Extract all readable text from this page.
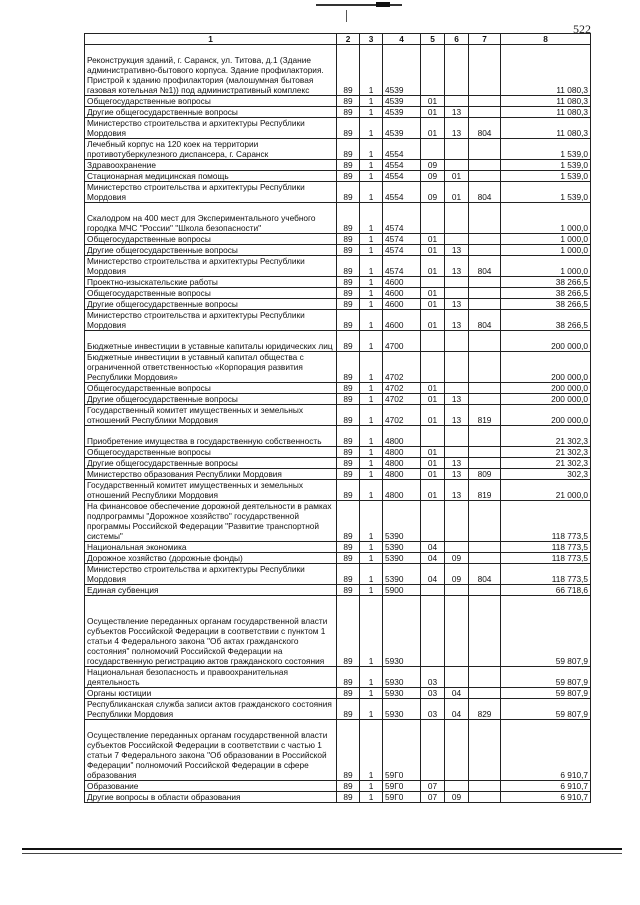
522
1	2	3	4	5	6	7	8
Реконструкция зданий, г. Саранск, ул. Титова, д.1 (Здание административно-бытового корпуса. Здание профилактория. Пристрой к зданию профилактория (малошумная бытовая газовая котельная №1)) под административный комплекс	89	1	4539				11 080,3
Общегосударственные вопросы	89	1	4539	01			11 080,3
Другие общегосударственные вопросы	89	1	4539	01	13		11 080,3
Министерство строительства и архитектуры Республики Мордовия	89	1	4539	01	13	804	11 080,3
Лечебный корпус на 120 коек на территории противотуберкулезного диспансера, г. Саранск	89	1	4554				1 539,0
Здравоохранение	89	1	4554	09			1 539,0
Стационарная медицинская помощь	89	1	4554	09	01		1 539,0
Министерство строительства и архитектуры Республики Мордовия	89	1	4554	09	01	804	1 539,0
Скалодром на 400 мест для Экспериментального учебного городка МЧС "России" "Школа безопасности"	89	1	4574				1 000,0
Общегосударственные вопросы	89	1	4574	01			1 000,0
Другие общегосударственные вопросы	89	1	4574	01	13		1 000,0
Министерство строительства и архитектуры Республики Мордовия	89	1	4574	01	13	804	1 000,0
Проектно-изыскательские работы	89	1	4600				38 266,5
Общегосударственные вопросы	89	1	4600	01			38 266,5
Другие общегосударственные вопросы	89	1	4600	01	13		38 266,5
Министерство строительства и архитектуры Республики Мордовия	89	1	4600	01	13	804	38 266,5
Бюджетные инвестиции в уставные капиталы юридических лиц	89	1	4700				200 000,0
Бюджетные инвестиции в уставный капитал общества с ограниченной ответственностью «Корпорация развития Республики Мордовия»	89	1	4702				200 000,0
Общегосударственные вопросы	89	1	4702	01			200 000,0
Другие общегосударственные вопросы	89	1	4702	01	13		200 000,0
Государственный комитет имущественных и земельных отношений Республики Мордовия	89	1	4702	01	13	819	200 000,0
Приобретение имущества в государственную собственность	89	1	4800				21 302,3
Общегосударственные вопросы	89	1	4800	01			21 302,3
Другие общегосударственные вопросы	89	1	4800	01	13		21 302,3
Министерство образования Республики Мордовия	89	1	4800	01	13	809	302,3
Государственный комитет имущественных и земельных отношений Республики Мордовия	89	1	4800	01	13	819	21 000,0
На финансовое обеспечение дорожной деятельности в рамках подпрограммы "Дорожное хозяйство" государственной программы Российской Федерации "Развитие транспортной системы"	89	1	5390				118 773,5
Национальная экономика	89	1	5390	04			118 773,5
Дорожное хозяйство (дорожные фонды)	89	1	5390	04	09		118 773,5
Министерство строительства и архитектуры Республики Мордовия	89	1	5390	04	09	804	118 773,5
Единая субвенция	89	1	5900				66 718,6
Осуществление переданных органам государственной власти субъектов Российской Федерации в соответствии с пунктом 1 статьи 4 Федерального закона "Об актах гражданского состояния" полномочий Российской Федерации на государственную регистрацию актов гражданского состояния	89	1	5930				59 807,9
Национальная безопасность и правоохранительная деятельность	89	1	5930	03			59 807,9
Органы юстиции	89	1	5930	03	04		59 807,9
Республиканская служба записи актов гражданского состояния Республики Мордовия	89	1	5930	03	04	829	59 807,9
Осуществление переданных органам государственной власти субъектов Российской Федерации в соответствии с частью 1 статьи 7 Федерального закона "Об образовании в Российской Федерации" полномочий Российской Федерации в сфере образования	89	1	59Г0				6 910,7
Образование	89	1	59Г0	07			6 910,7
Другие вопросы в области образования	89	1	59Г0	07	09		6 910,7
